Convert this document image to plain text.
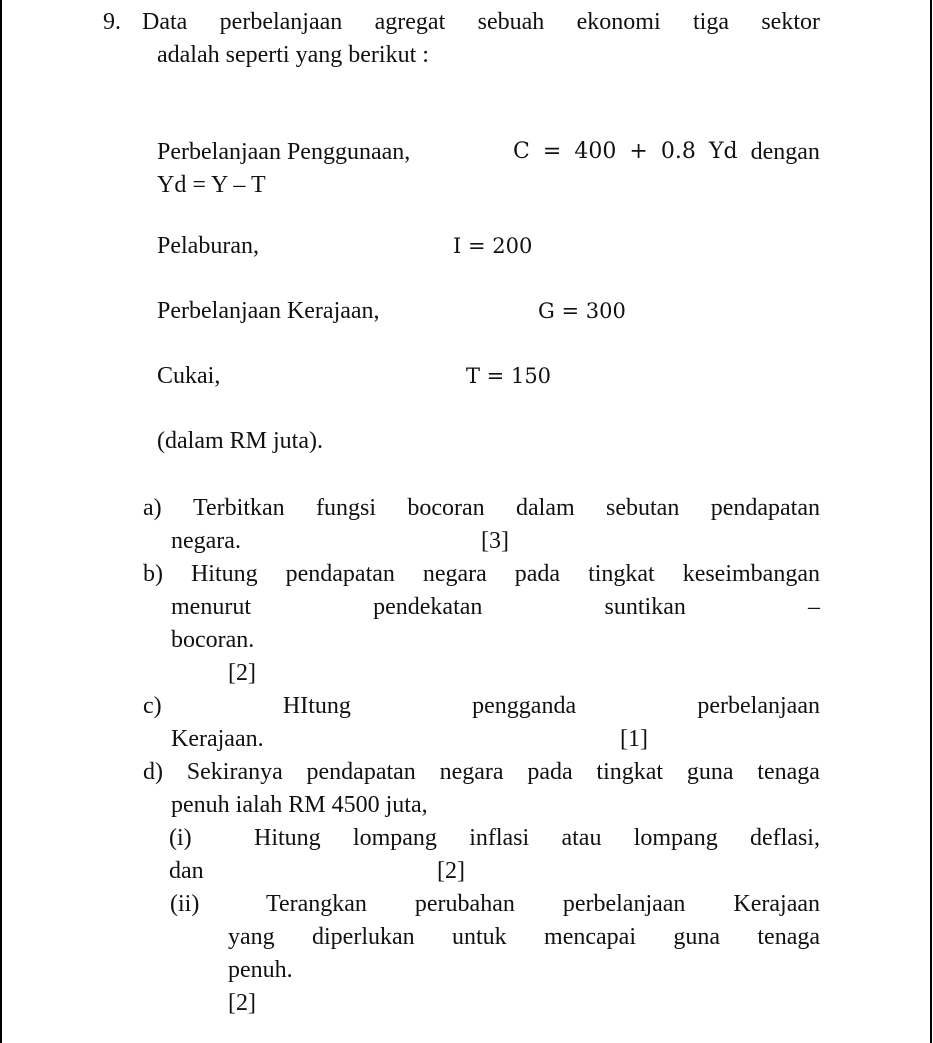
9. Data perbelanjaan agregat sebuah ekonomi tiga sektor
adalah seperti yang berikut :
Perbelanjaan Penggunaan,	C = 400 + 0.8 Yd dengan
Yd = Y – T
Pelaburan,	I = 200
Perbelanjaan Kerajaan,	G = 300
Cukai,	T = 150
(dalam RM juta).
a) Terbitkan fungsi bocoran dalam sebutan pendapatan
negara.	[3]
b) Hitung pendapatan negara pada tingkat keseimbangan
menurut	pendekatan	suntikan	–
bocoran.
[2]
c)	HItung	pengganda	perbelanjaan
Kerajaan.	[1]
d) Sekiranya pendapatan negara pada tingkat guna tenaga
penuh ialah RM 4500 juta,
(i)	Hitung lompang inflasi atau lompang deflasi,
dan	[2]
(ii)	Terangkan perubahan perbelanjaan Kerajaan
yang diperlukan untuk mencapai guna tenaga
penuh.
[2]
